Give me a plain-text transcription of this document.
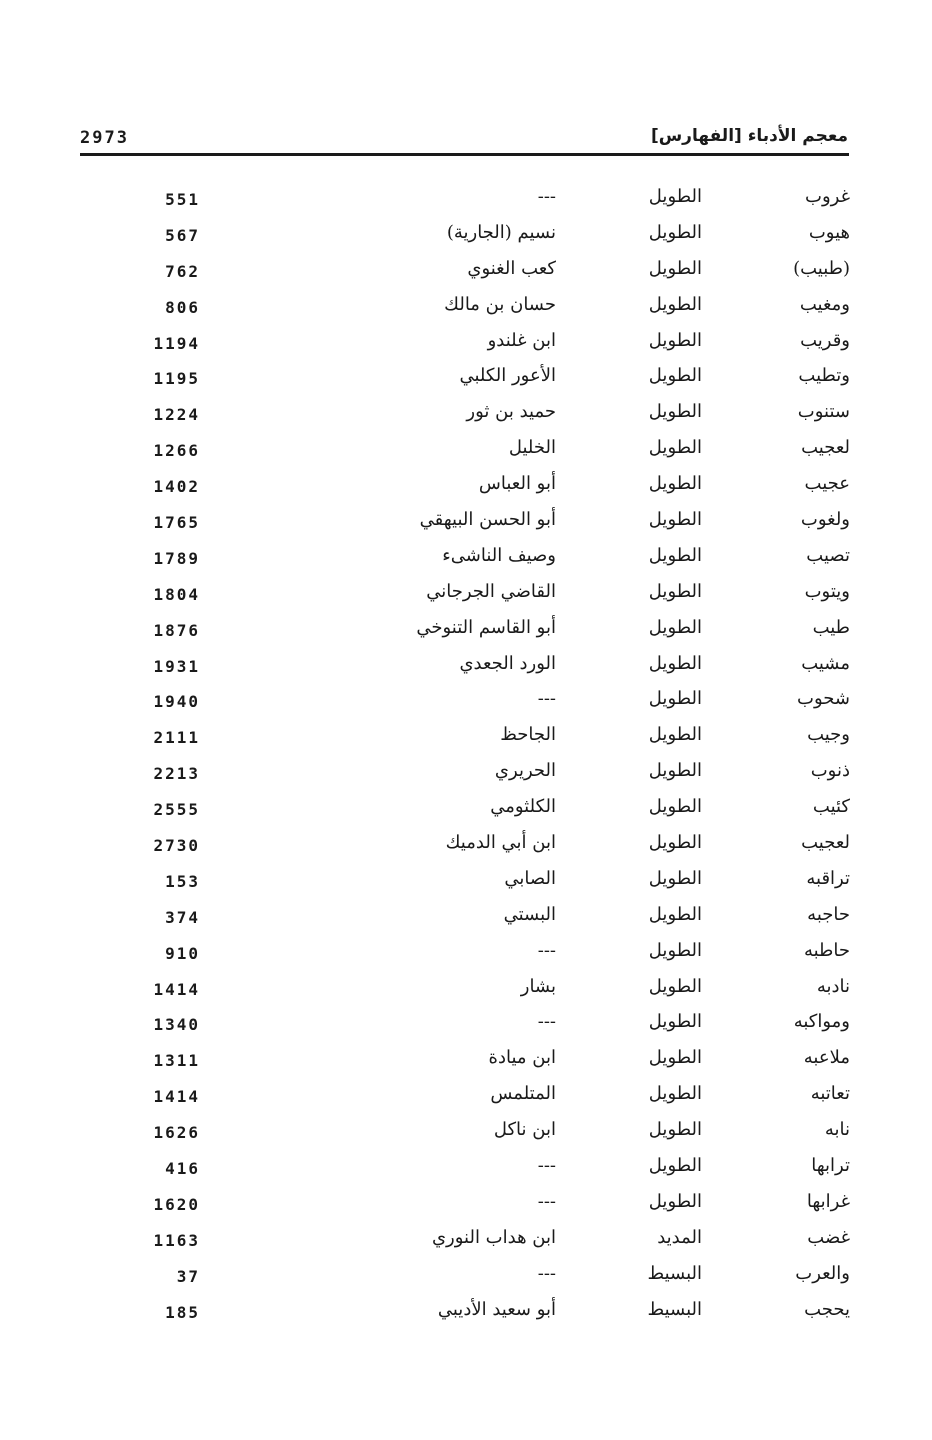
معجم الأدباء [الفهارس]
2973
غروب
الطويل
---
551
هيوب
الطويل
نسيم (الجارية)
567
(طبيب)
الطويل
كعب الغنوي
762
ومغيب
الطويل
حسان بن مالك
806
وقريب
الطويل
ابن غلندو
1194
وتطيب
الطويل
الأعور الكلبي
1195
ستنوب
الطويل
حميد بن ثور
1224
لعجيب
الطويل
الخليل
1266
عجيب
الطويل
أبو العباس
1402
ولغوب
الطويل
أبو الحسن البيهقي
1765
تصيب
الطويل
وصيف الناشىء
1789
ويتوب
الطويل
القاضي الجرجاني
1804
طيب
الطويل
أبو القاسم التنوخي
1876
مشيب
الطويل
الورد الجعدي
1931
شحوب
الطويل
---
1940
وجيب
الطويل
الجاحظ
2111
ذنوب
الطويل
الحريري
2213
كئيب
الطويل
الكلثومي
2555
لعجيب
الطويل
ابن أبي الدميك
2730
تراقبه
الطويل
الصابي
153
حاجبه
الطويل
البستي
374
حاطبه
الطويل
---
910
نادبه
الطويل
بشار
1414
ومواكبه
الطويل
---
1340
ملاعبه
الطويل
ابن ميادة
1311
تعاتبه
الطويل
المتلمس
1414
نابه
الطويل
ابن ناكل
1626
ترابها
الطويل
---
416
غرابها
الطويل
---
1620
غضب
المديد
ابن هداب النوري
1163
والعرب
البسيط
---
37
يحجب
البسيط
أبو سعيد الأديبي
185
